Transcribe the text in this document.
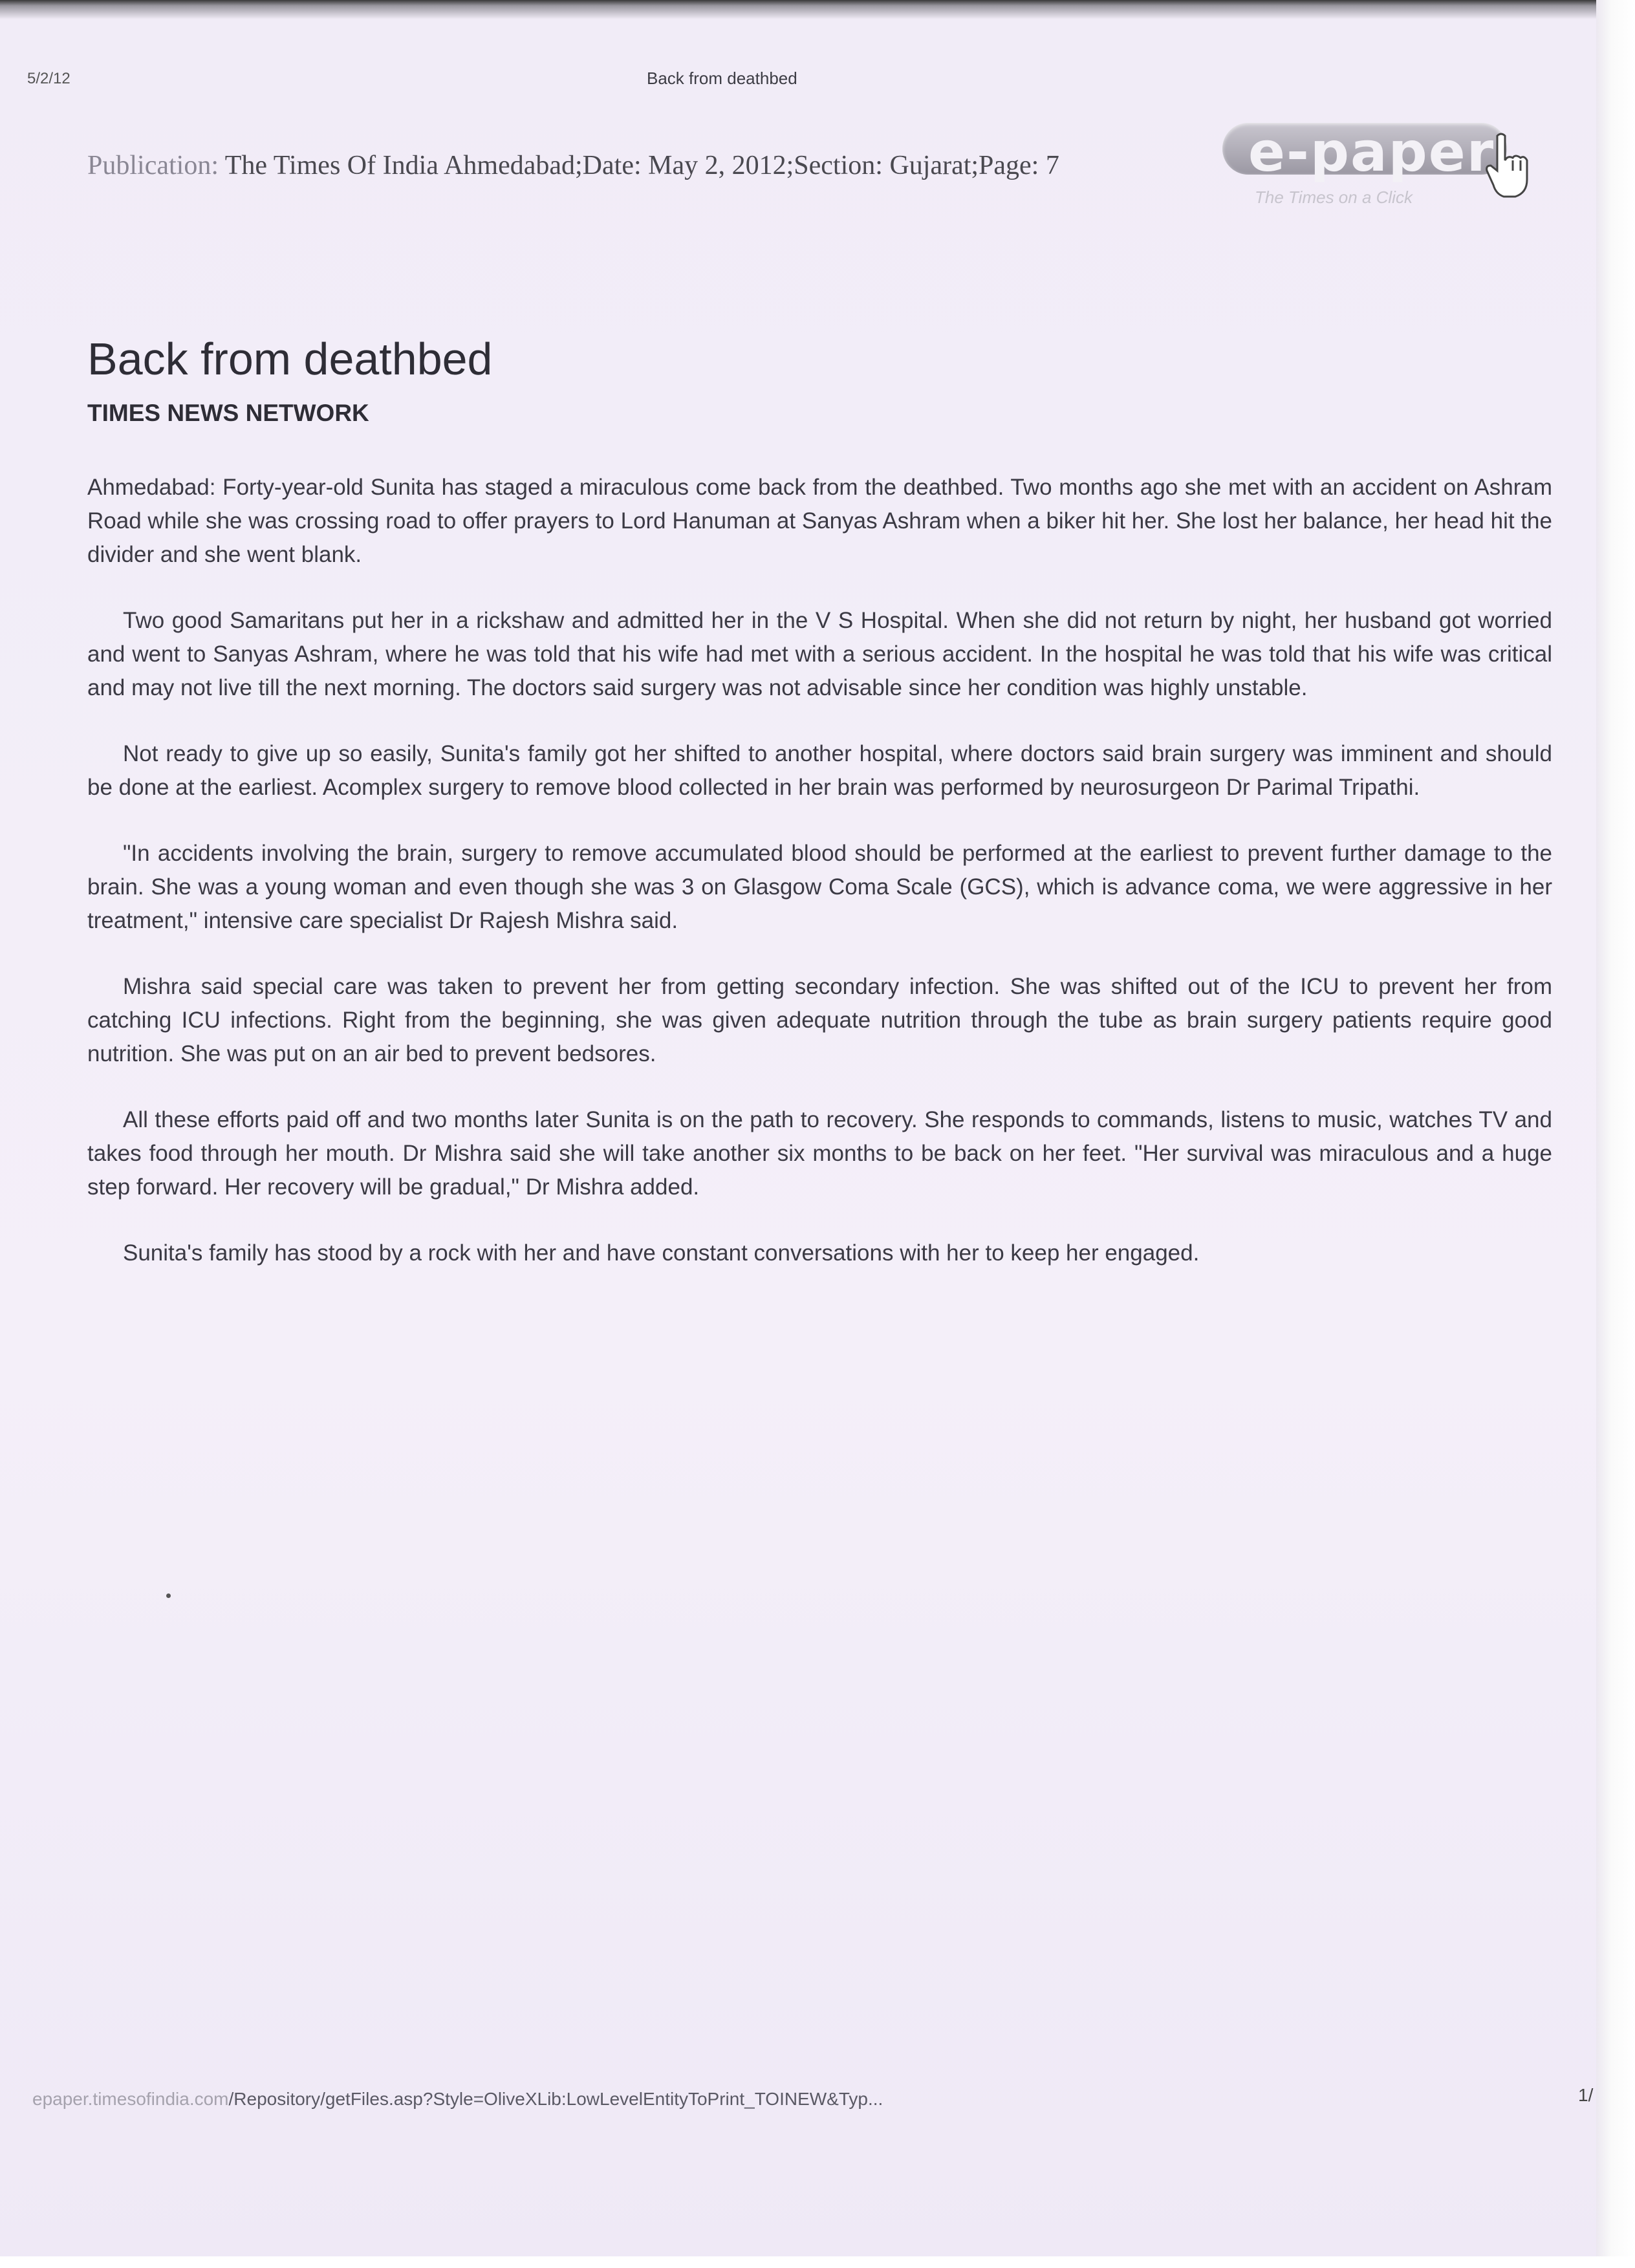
5/2/12	Back from deathbed
Publication: The Times Of India Ahmedabad;Date: May 2, 2012;Section: Gujarat;Page: 7	e-paper
The Times on a Click
Back from deathbed
TIMES NEWS NETWORK

Ahmedabad: Forty-year-old Sunita has staged a miraculous come back from the deathbed. Two months ago she met with an accident on Ashram Road while she was crossing road to offer prayers to Lord Hanuman at Sanyas Ashram when a biker hit her. She lost her balance, her head hit the divider and she went blank.

Two good Samaritans put her in a rickshaw and admitted her in the V S Hospital. When she did not return by night, her husband got worried and went to Sanyas Ashram, where he was told that his wife had met with a serious accident. In the hospital he was told that his wife was critical and may not live till the next morning. The doctors said surgery was not advisable since her condition was highly unstable.

Not ready to give up so easily, Sunita's family got her shifted to another hospital, where doctors said brain surgery was imminent and should be done at the earliest. Acomplex surgery to remove blood collected in her brain was performed by neurosurgeon Dr Parimal Tripathi.

"In accidents involving the brain, surgery to remove accumulated blood should be performed at the earliest to prevent further damage to the brain. She was a young woman and even though she was 3 on Glasgow Coma Scale (GCS), which is advance coma, we were aggressive in her treatment," intensive care specialist Dr Rajesh Mishra said.

Mishra said special care was taken to prevent her from getting secondary infection. She was shifted out of the ICU to prevent her from catching ICU infections. Right from the beginning, she was given adequate nutrition through the tube as brain surgery patients require good nutrition. She was put on an air bed to prevent bedsores.

All these efforts paid off and two months later Sunita is on the path to recovery. She responds to commands, listens to music, watches TV and takes food through her mouth. Dr Mishra said she will take another six months to be back on her feet. "Her survival was miraculous and a huge step forward. Her recovery will be gradual," Dr Mishra added.

Sunita's family has stood by a rock with her and have constant conversations with her to keep her engaged.

epaper.timesofindia.com/Repository/getFiles.asp?Style=OliveXLib:LowLevelEntityToPrint_TOINEW&Typ...	1/
